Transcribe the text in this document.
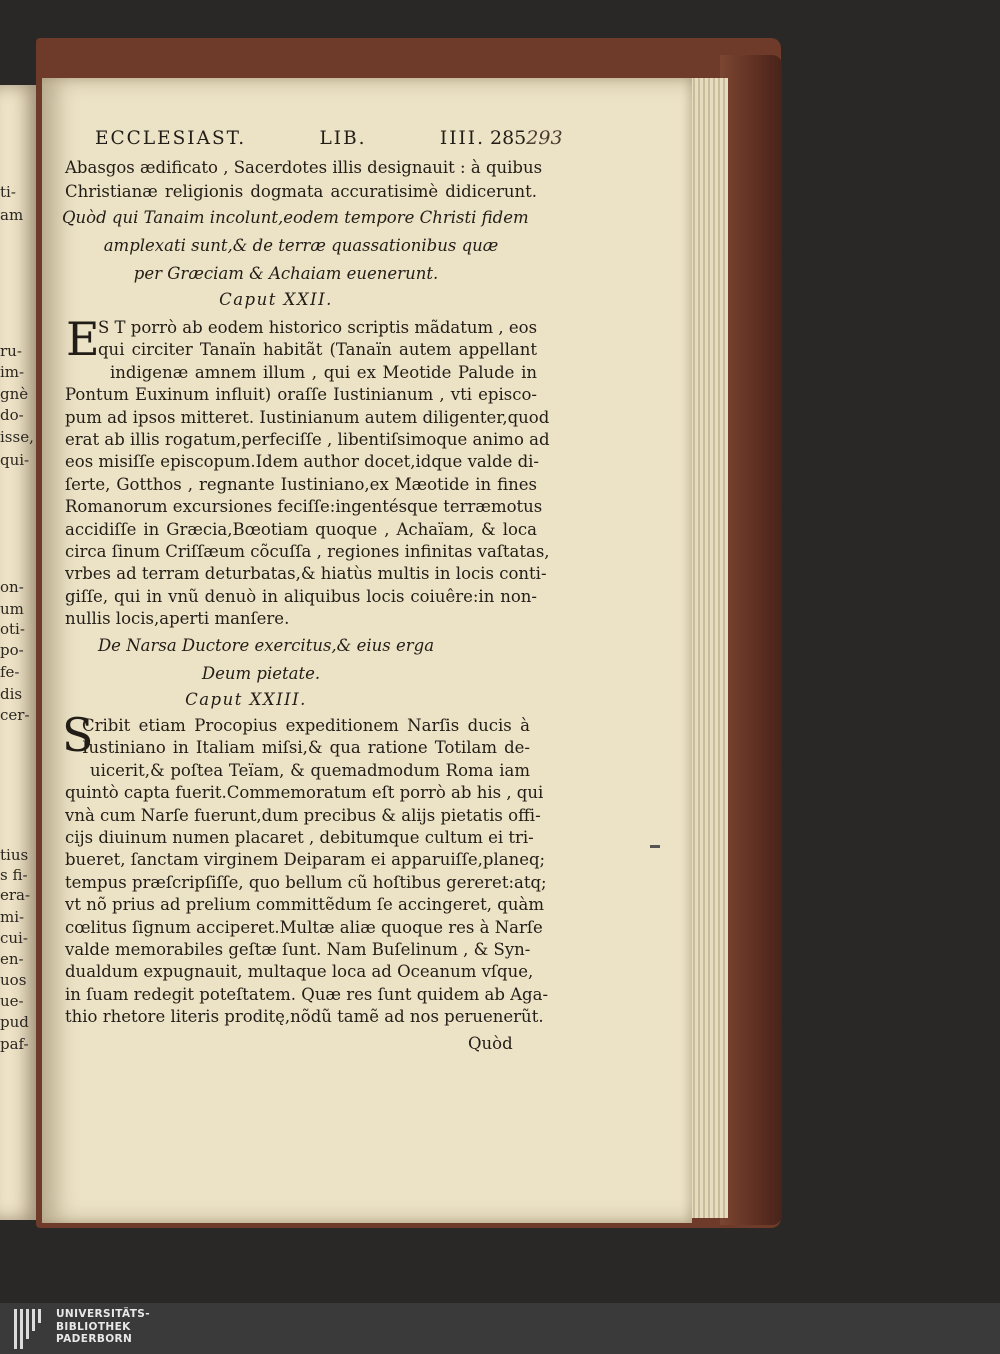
ti-
am
ru-
im-
gnè
do-
isse,
qui-
on-
um
oti-
po-
fe-
dis
cer-
tius
s fi-
era-
mi-
cui-
en-
uos
ue-
pud
paf-
ECCLESIAST. LIB. IIII. 285293
Abasgos ædificato , Sacerdotes illis designauit : à quibus
Christianæ religionis dogmata accuratisimè didicerunt.
Quòd qui Tanaim incolunt,eodem tempore Christi fidem
amplexati sunt,& de terræ quassationibus quæ
per Græciam & Achaiam euenerunt.
Caput XXII.
E
S T porrò ab eodem historico scriptis mãdatum , eos
qui circiter Tanaïn habitãt (Tanaïn autem appellant
indigenæ amnem illum , qui ex Meotide Palude in
Pontum Euxinum influit) oraſſe Iustinianum , vti episco-
pum ad ipsos mitteret. Iustinianum autem diligenter,quod
erat ab illis rogatum,perfeciſſe , libentiſsimoque animo ad
eos misiſſe episcopum.Idem author docet,idque valde di-
ſerte, Gotthos , regnante Iustiniano,ex Mæotide in fines
Romanorum excursiones feciſſe:ingentésque terræmotus
accidiſſe in Græcia,Bœotiam quoque , Achaïam, & loca
circa ſinum Criſſæum cõcuſſa , regiones infinitas vaſtatas,
vrbes ad terram deturbatas,& hiatùs multis in locis conti-
giſſe, qui in vnũ denuò in aliquibus locis coiuêre:in non-
nullis locis,aperti manſere.
De Narsa Ductore exercitus,& eius erga
Deum pietate.
Caput XXIII.
S
Cribit etiam Procopius expeditionem Narſis ducis à
Iustiniano in Italiam miſsi,& qua ratione Totilam de-
uicerit,& poſtea Teïam, & quemadmodum Roma iam
quintò capta fuerit.Commemoratum eſt porrò ab his , qui
vnà cum Narſe fuerunt,dum precibus & alijs pietatis offi-
cijs diuinum numen placaret , debitumque cultum ei tri-
bueret, ſanctam virginem Deiparam ei apparuiſſe,planeq;
tempus præſcripſiſſe, quo bellum cũ hoſtibus gereret:atq;
vt nõ prius ad prelium committẽdum ſe accingeret, quàm
cœlitus ſignum acciperet.Multæ aliæ quoque res à Narſe
valde memorabiles geſtæ ſunt. Nam Buſelinum , & Syn-
dualdum expugnauit, multaque loca ad Oceanum vſque,
in ſuam redegit poteſtatem. Quæ res ſunt quidem ab Aga-
thio rhetore literis proditę,nõdũ tamẽ ad nos peruenerũt.
Quòd
UNIVERSITÄTS-
BIBLIOTHEK
PADERBORN
